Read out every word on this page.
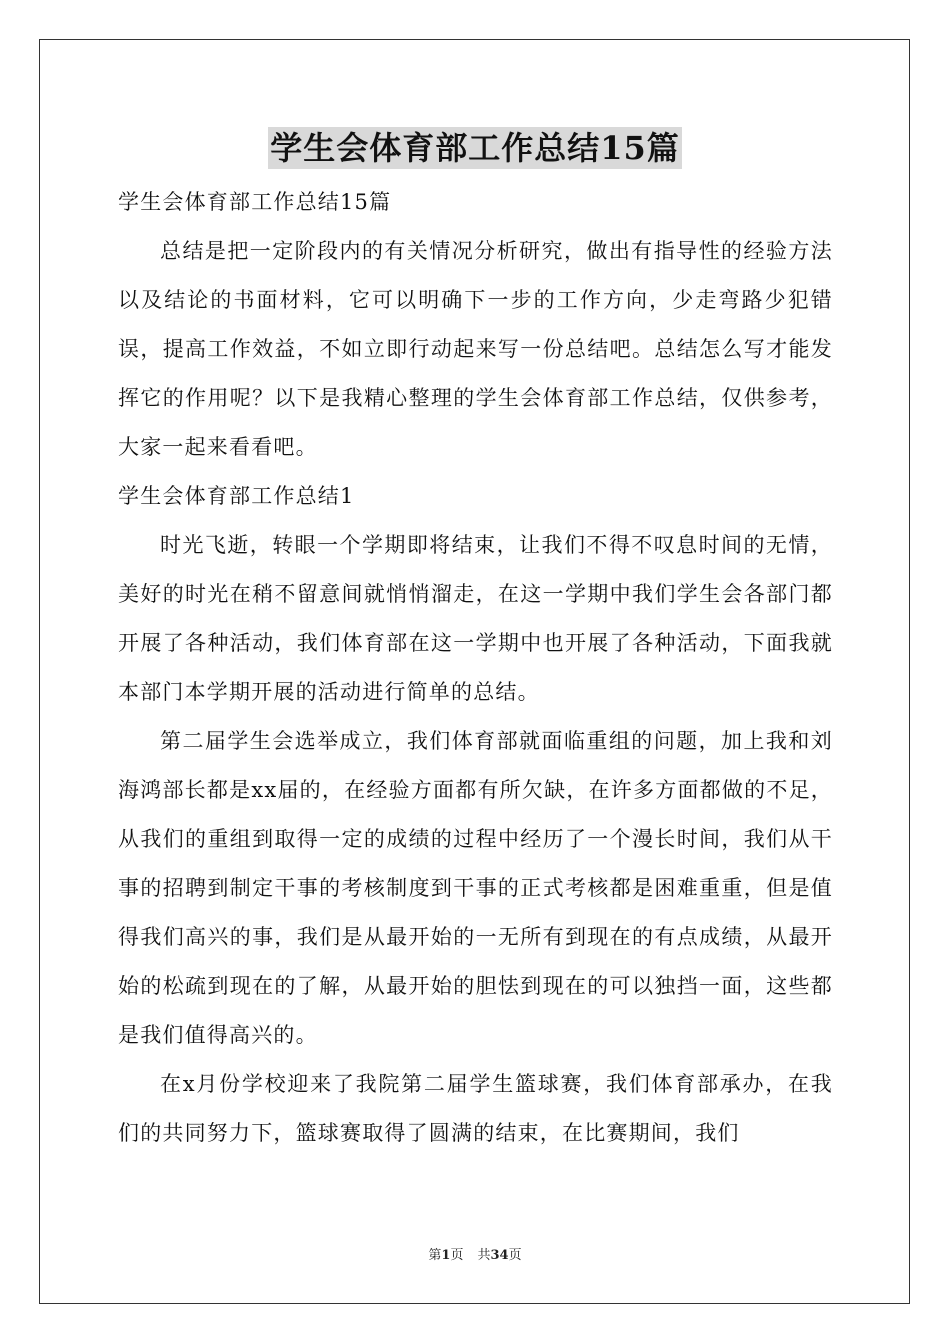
学生会体育部工作总结15篇

学生会体育部工作总结15篇

总结是把一定阶段内的有关情况分析研究，做出有指导性的经验方法以及结论的书面材料，它可以明确下一步的工作方向，少走弯路少犯错误，提高工作效益，不如立即行动起来写一份总结吧。总结怎么写才能发挥它的作用呢？以下是我精心整理的学生会体育部工作总结，仅供参考，大家一起来看看吧。

学生会体育部工作总结1

时光飞逝，转眼一个学期即将结束，让我们不得不叹息时间的无情，美好的时光在稍不留意间就悄悄溜走，在这一学期中我们学生会各部门都开展了各种活动，我们体育部在这一学期中也开展了各种活动，下面我就本部门本学期开展的活动进行简单的总结。

第二届学生会选举成立，我们体育部就面临重组的问题，加上我和刘海鸿部长都是xx届的，在经验方面都有所欠缺，在许多方面都做的不足，从我们的重组到取得一定的成绩的过程中经历了一个漫长时间，我们从干事的招聘到制定干事的考核制度到干事的正式考核都是困难重重，但是值得我们高兴的事，我们是从最开始的一无所有到现在的有点成绩，从最开始的松疏到现在的了解，从最开始的胆怯到现在的可以独挡一面，这些都是我们值得高兴的。

在x月份学校迎来了我院第二届学生篮球赛，我们体育部承办，在我们的共同努力下，篮球赛取得了圆满的结束，在比赛期间，我们

第1页 共34页
